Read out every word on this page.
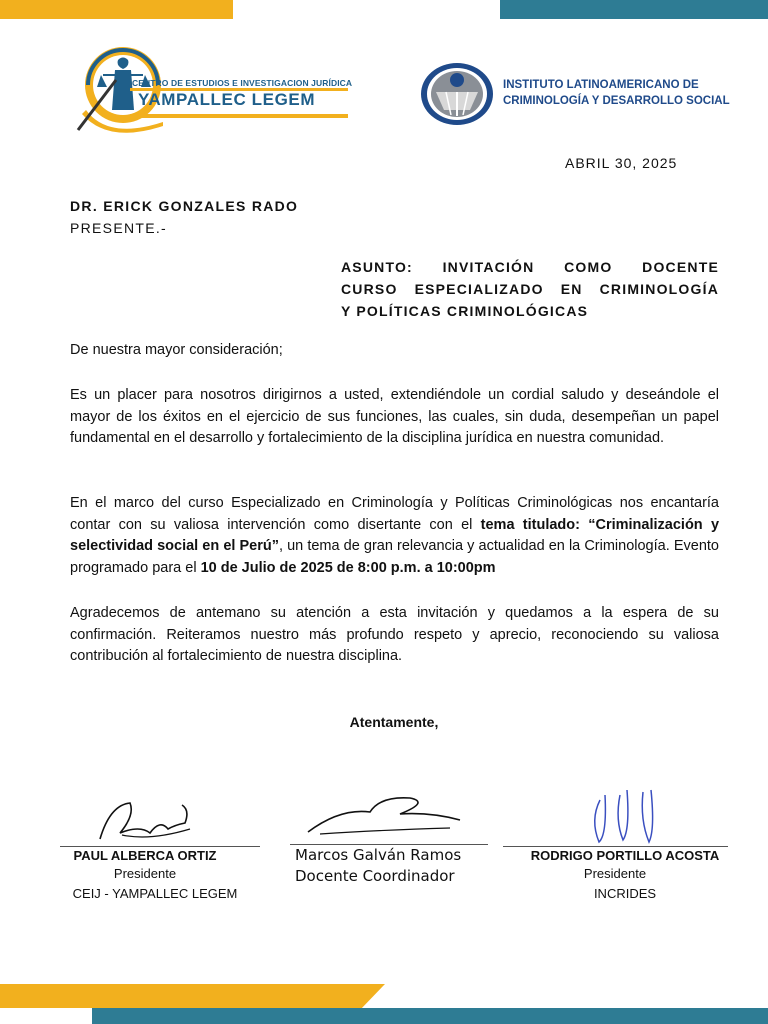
CENTRO DE ESTUDIOS E INVESTIGACION JURÍDICA
YAMPALLEC LEGEM
INSTITUTO LATINOAMERICANO DE
CRIMINOLOGÍA Y DESARROLLO SOCIAL
ABRIL 30, 2025
DR. ERICK GONZALES RADO
PRESENTE.-
ASUNTO: INVITACIÓN COMO DOCENTE
CURSO ESPECIALIZADO EN CRIMINOLOGÍA
Y POLÍTICAS CRIMINOLÓGICAS
De nuestra mayor consideración;
Es un placer para nosotros dirigirnos a usted, extendiéndole un cordial saludo y deseándole el mayor de los éxitos en el ejercicio de sus funciones, las cuales, sin duda, desempeñan un papel fundamental en el desarrollo y fortalecimiento de la disciplina jurídica en nuestra comunidad.
En el marco del curso Especializado en Criminología y Políticas Criminológicas nos encantaría contar con su valiosa intervención como disertante con el tema titulado: “Criminalización y selectividad social en el Perú”, un tema de gran relevancia y actualidad en la Criminología. Evento programado para el 10 de Julio de 2025 de 8:00 p.m. a 10:00pm
Agradecemos de antemano su atención a esta invitación y quedamos a la espera de su confirmación. Reiteramos nuestro más profundo respeto y aprecio, reconociendo su valiosa contribución al fortalecimiento de nuestra disciplina.
Atentamente,
PAUL ALBERCA ORTIZ
Presidente
CEIJ - YAMPALLEC LEGEM
Marcos Galván Ramos
Docente Coordinador
RODRIGO PORTILLO ACOSTA
Presidente
INCRIDES
